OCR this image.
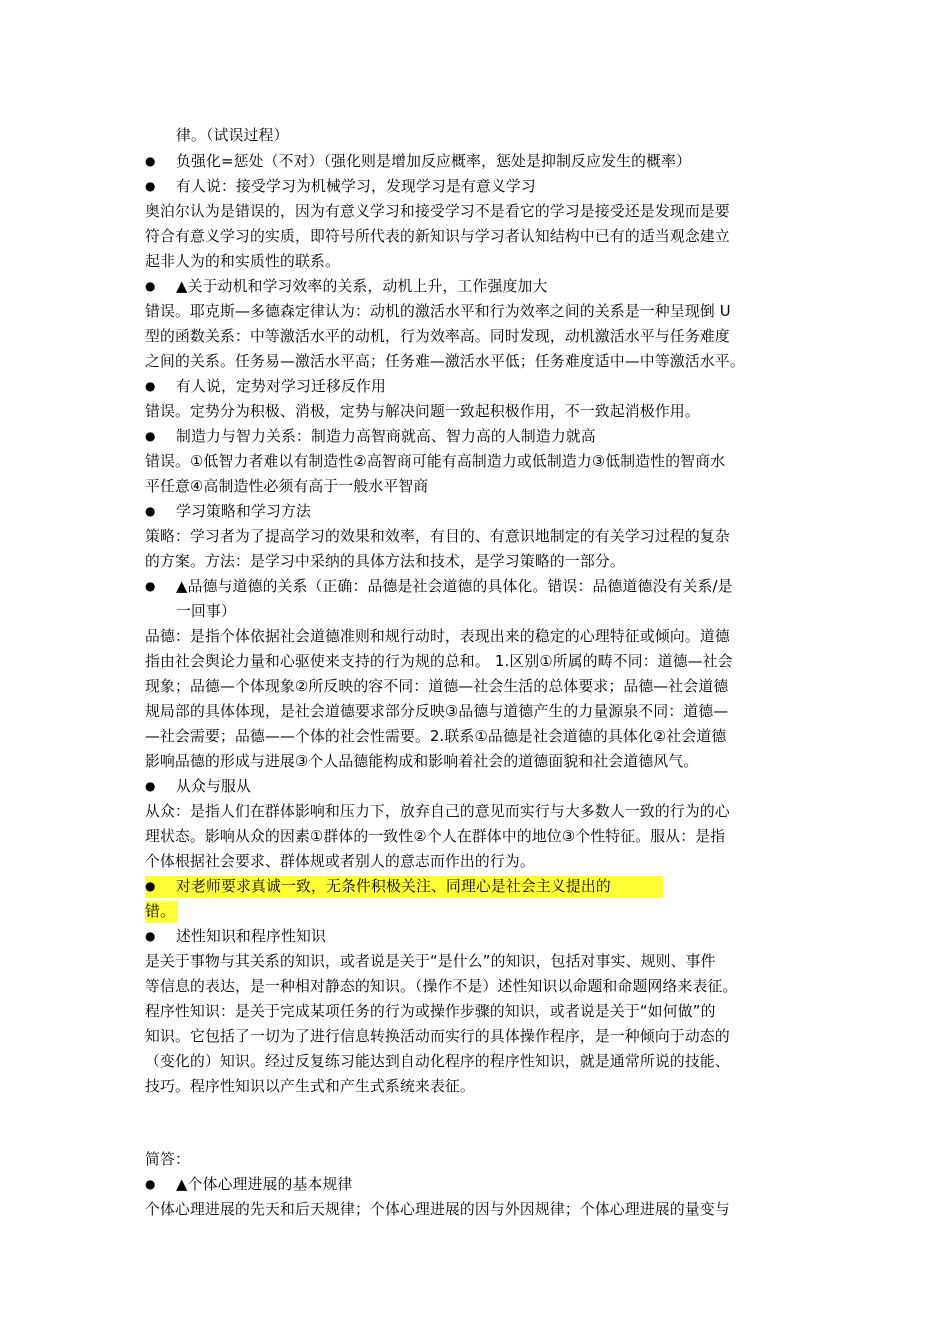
律。（试误过程）
● 负强化=惩处（不对）（强化则是增加反应概率，惩处是抑制反应发生的概率）
● 有人说：接受学习为机械学习，发现学习是有意义学习
奥泊尔认为是错误的，因为有意义学习和接受学习不是看它的学习是接受还是发现而是要
符合有意义学习的实质，即符号所代表的新知识与学习者认知结构中已有的适当观念建立
起非人为的和实质性的联系。
● ▲关于动机和学习效率的关系，动机上升，工作强度加大
错误。耶克斯—多德森定律认为：动机的激活水平和行为效率之间的关系是一种呈现倒 U
型的函数关系：中等激活水平的动机，行为效率高。同时发现，动机激活水平与任务难度
之间的关系。任务易—激活水平高；任务难—激活水平低；任务难度适中—中等激活水平。
● 有人说，定势对学习迁移反作用
错误。定势分为积极、消极，定势与解决问题一致起积极作用，不一致起消极作用。
● 制造力与智力关系：制造力高智商就高、智力高的人制造力就高
错误。①低智力者难以有制造性②高智商可能有高制造力或低制造力③低制造性的智商水
平任意④高制造性必须有高于一般水平智商
● 学习策略和学习方法
策略：学习者为了提高学习的效果和效率，有目的、有意识地制定的有关学习过程的复杂
的方案。方法：是学习中采纳的具体方法和技术，是学习策略的一部分。
● ▲品德与道德的关系（正确：品德是社会道德的具体化。错误：品德道德没有关系/是
一回事）
品德：是指个体依据社会道德准则和规行动时，表现出来的稳定的心理特征或倾向。道德
指由社会舆论力量和心驱使来支持的行为规的总和。 1.区别①所属的畴不同：道德—社会
现象；品德—个体现象②所反映的容不同：道德—社会生活的总体要求；品德—社会道德
规局部的具体体现，是社会道德要求部分反映③品德与道德产生的力量源泉不同：道德—
—社会需要；品德——个体的社会性需要。2.联系①品德是社会道德的具体化②社会道德
影响品德的形成与进展③个人品德能构成和影响着社会的道德面貌和社会道德风气。
● 从众与服从
从众：是指人们在群体影响和压力下，放弃自己的意见而实行与大多数人一致的行为的心
理状态。影响从众的因素①群体的一致性②个人在群体中的地位③个性特征。服从：是指
个体根据社会要求、群体规或者别人的意志而作出的行为。
● 对老师要求真诚一致，无条件积极关注、同理心是社会主义提出的
错。
● 述性知识和程序性知识
是关于事物与其关系的知识，或者说是关于“是什么”的知识，包括对事实、规则、事件
等信息的表达，是一种相对静态的知识。（操作不是）述性知识以命题和命题网络来表征。
程序性知识：是关于完成某项任务的行为或操作步骤的知识，或者说是关于“如何做”的
知识。它包括了一切为了进行信息转换活动而实行的具体操作程序，是一种倾向于动态的
（变化的）知识。经过反复练习能达到自动化程序的程序性知识，就是通常所说的技能、
技巧。程序性知识以产生式和产生式系统来表征。
简答：
● ▲个体心理进展的基本规律
个体心理进展的先天和后天规律；个体心理进展的因与外因规律；个体心理进展的量变与
